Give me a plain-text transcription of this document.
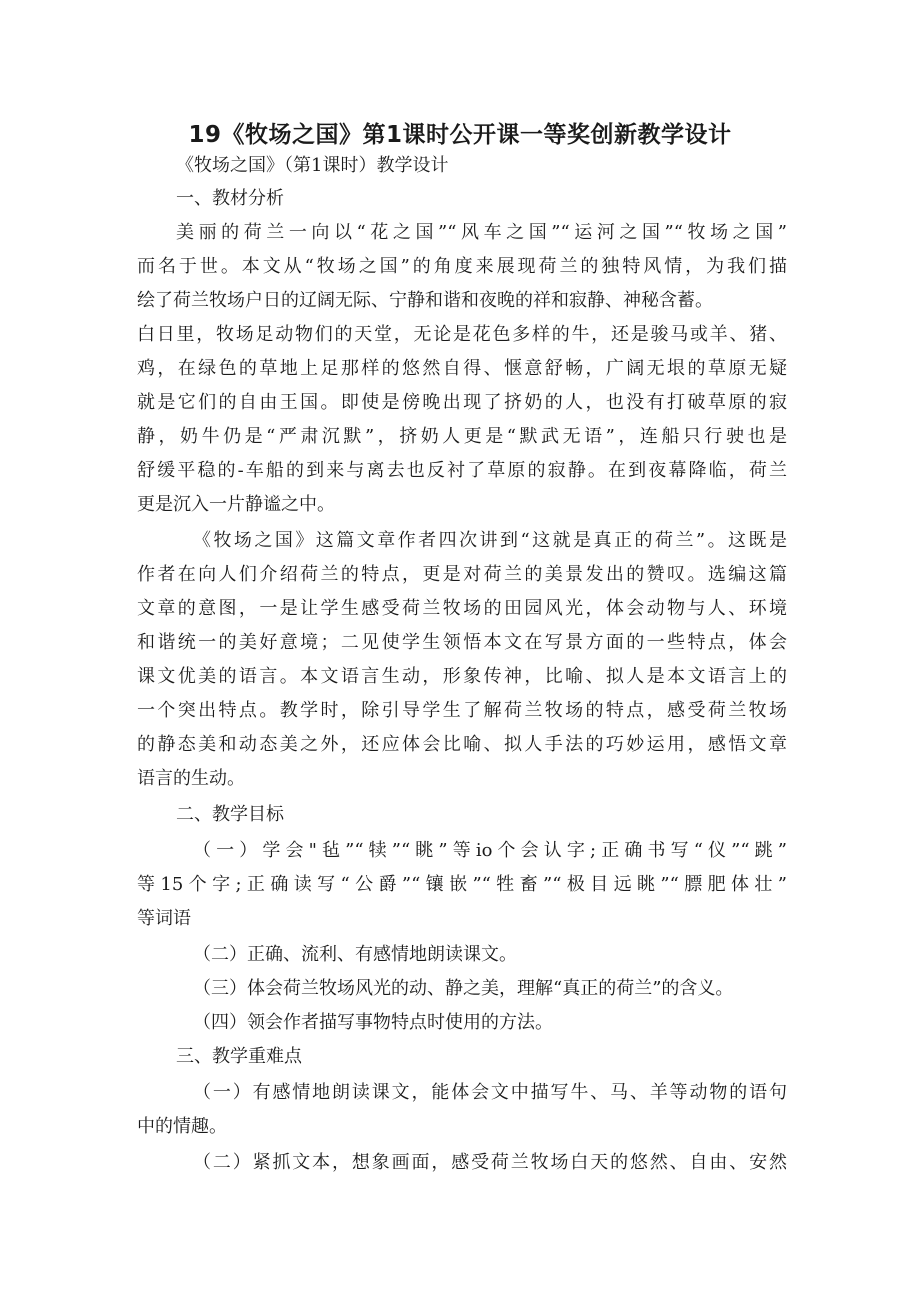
19《牧场之国》第1课时公开课一等奖创新教学设计
《牧场之国》（第1课时）教学设计
一、教材分析
美丽的荷兰一向以“花之国”“风车之国”“运河之国”“牧场之国”
而名于世。本文从“牧场之国”的角度来展现荷兰的独特风情，为我们描
绘了荷兰牧场户日的辽阔无际、宁静和谐和夜晚的祥和寂静、神秘含蓄。
白日里，牧场足动物们的天堂，无论是花色多样的牛，还是骏马或羊、猪、
鸡，在绿色的草地上足那样的悠然自得、惬意舒畅，广阔无垠的草原无疑
就是它们的自由王国。即使是傍晚出现了挤奶的人，也没有打破草原的寂
静，奶牛仍是“严肃沉默”，挤奶人更是“默武无语”，连船只行驶也是
舒缓平稳的-车船的到来与离去也反衬了草原的寂静。在到夜幕降临，荷兰
更是沉入一片静谧之中。
《牧场之国》这篇文章作者四次讲到“这就是真正的荷兰”。这既是
作者在向人们介绍荷兰的特点，更是对荷兰的美景发出的赞叹。选编这篇
文章的意图，一是让学生感受荷兰牧场的田园风光，体会动物与人、环境
和谐统一的美好意境；二见使学生领悟本文在写景方面的一些特点，体会
课文优美的语言。本文语言生动，形象传神，比喻、拟人是本文语言上的
一个突出特点。教学时，除引导学生了解荷兰牧场的特点，感受荷兰牧场
的静态美和动态美之外，还应体会比喻、拟人手法的巧妙运用，感悟文章
语言的生动。
二、教学目标
（一）学会"毡”“犊”“眺”等io个会认字;正确书写“仪”“跳”
等15个字;正确读写“公爵”“镶嵌”“牲畜”“极目远眺”“膘肥体壮”
等词语
（二）正确、流利、有感情地朗读课文。
（三）体会荷兰牧场风光的动、静之美，理解“真正的荷兰”的含义。
（四）领会作者描写事物特点时使用的方法。
三、教学重难点
（一）有感情地朗读课文，能体会文中描写牛、马、羊等动物的语句
中的情趣。
（二）紧抓文本，想象画面，感受荷兰牧场白天的悠然、自由、安然
